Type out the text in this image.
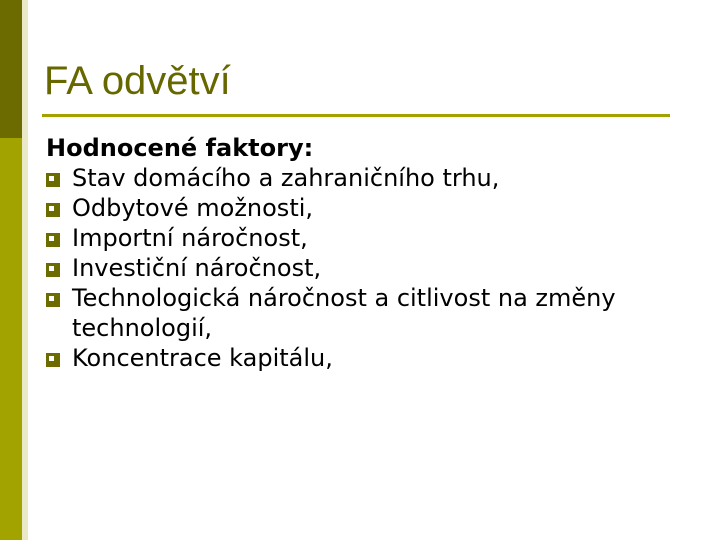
FA odvětví
Hodnocené faktory:
Stav domácího a zahraničního trhu,
Odbytové možnosti,
Importní náročnost,
Investiční náročnost,
Technologická náročnost a citlivost na změny technologií,
Koncentrace kapitálu,
